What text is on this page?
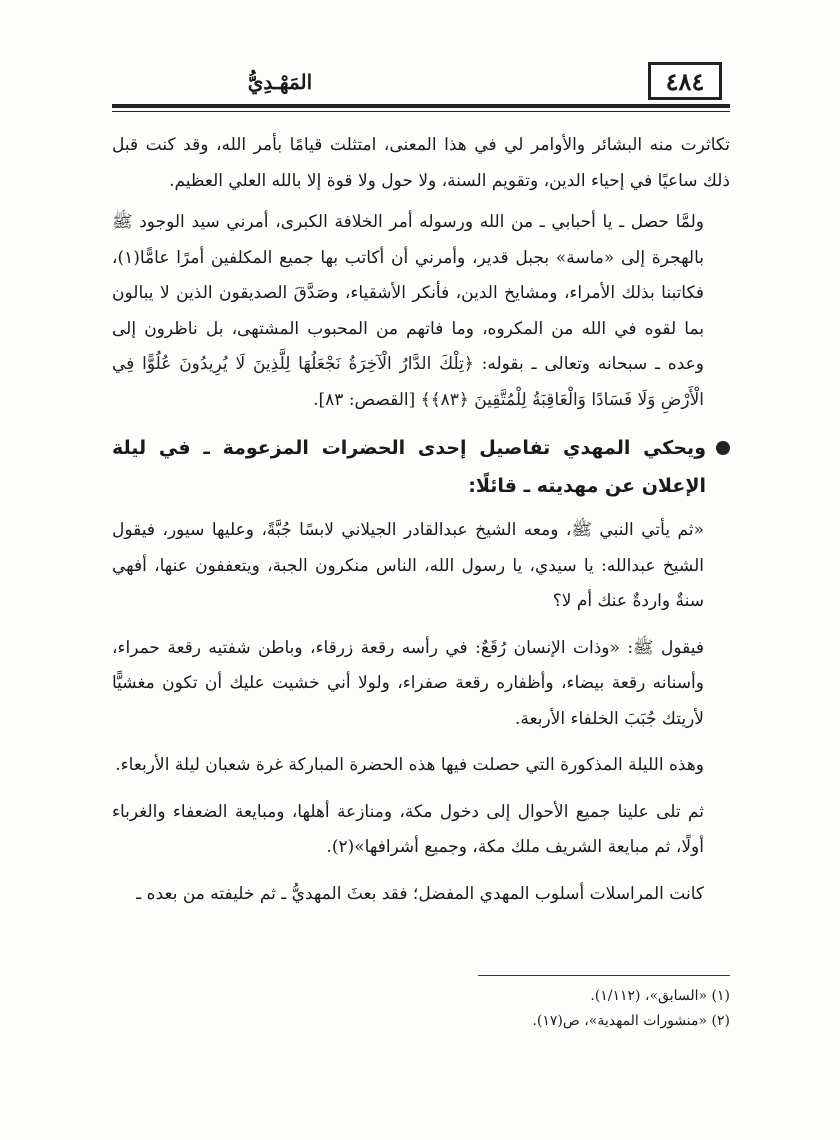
٤٨٤
المَهْـدِيُّ

تكاثرت منه البشائر والأوامر لي في هذا المعنى، امتثلت قيامًا بأمر الله، وقد كنت قبل ذلك ساعيًا في إحياء الدين، وتقويم السنة، ولا حول ولا قوة إلا بالله العلي العظيم.

ولمَّا حصل ـ يا أحبابي ـ من الله ورسوله أمر الخلافة الكبرى، أمرني سيد الوجود ﷺ بالهجرة إلى «ماسة» بجبل قدير، وأمرني أن أكاتب بها جميع المكلفين أمرًا عامًّا(١)، فكاتبنا بذلك الأمراء، ومشايخ الدين، فأنكر الأشقياء، وصَدَّقَ الصديقون الذين لا يبالون بما لقوه في الله من المكروه، وما فاتهم من المحبوب المشتهى، بل ناظرون إلى وعده ـ سبحانه وتعالى ـ بقوله: ﴿تِلْكَ الدَّارُ الْآخِرَةُ نَجْعَلُهَا لِلَّذِينَ لَا يُرِيدُونَ عُلُوًّا فِي الْأَرْضِ وَلَا فَسَادًا وَالْعَاقِبَةُ لِلْمُتَّقِينَ ﴿٨٣﴾﴾ [القصص: ٨٣].

ويحكي المهدي تفاصيل إحدى الحضرات المزعومة ـ في ليلة الإعلان عن مهديته ـ قائلًا:

«ثم يأتي النبي ﷺ، ومعه الشيخ عبدالقادر الجيلاني لابسًا جُبَّةً، وعليها سيور، فيقول الشيخ عبدالله: يا سيدي، يا رسول الله، الناس منكرون الجبة، ويتعففون عنها، أفهي سنةٌ واردةٌ عنك أم لا؟

فيقول ﷺ: «وذات الإنسان رُقَعٌ: في رأسه رقعة زرقاء، وباطن شفتيه رقعة حمراء، وأسنانه رقعة بيضاء، وأظفاره رقعة صفراء، ولولا أني خشيت عليك أن تكون مغشيًّا لأريتك جُبَبَ الخلفاء الأربعة.

وهذه الليلة المذكورة التي حصلت فيها هذه الحضرة المباركة غرة شعبان ليلة الأربعاء.

ثم تلى علينا جميع الأحوال إلى دخول مكة، ومنازعة أهلها، ومبايعة الضعفاء والغرباء أولًا، ثم مبايعة الشريف ملك مكة، وجميع أشرافها»(٢).

كانت المراسلات أسلوب المهدي المفضل؛ فقد بعثَ المهديُّ ـ ثم خليفته من بعده ـ

(١) «السابق»، (١/١١٢).
(٢) «منشورات المهدية»، ص(١٧).
